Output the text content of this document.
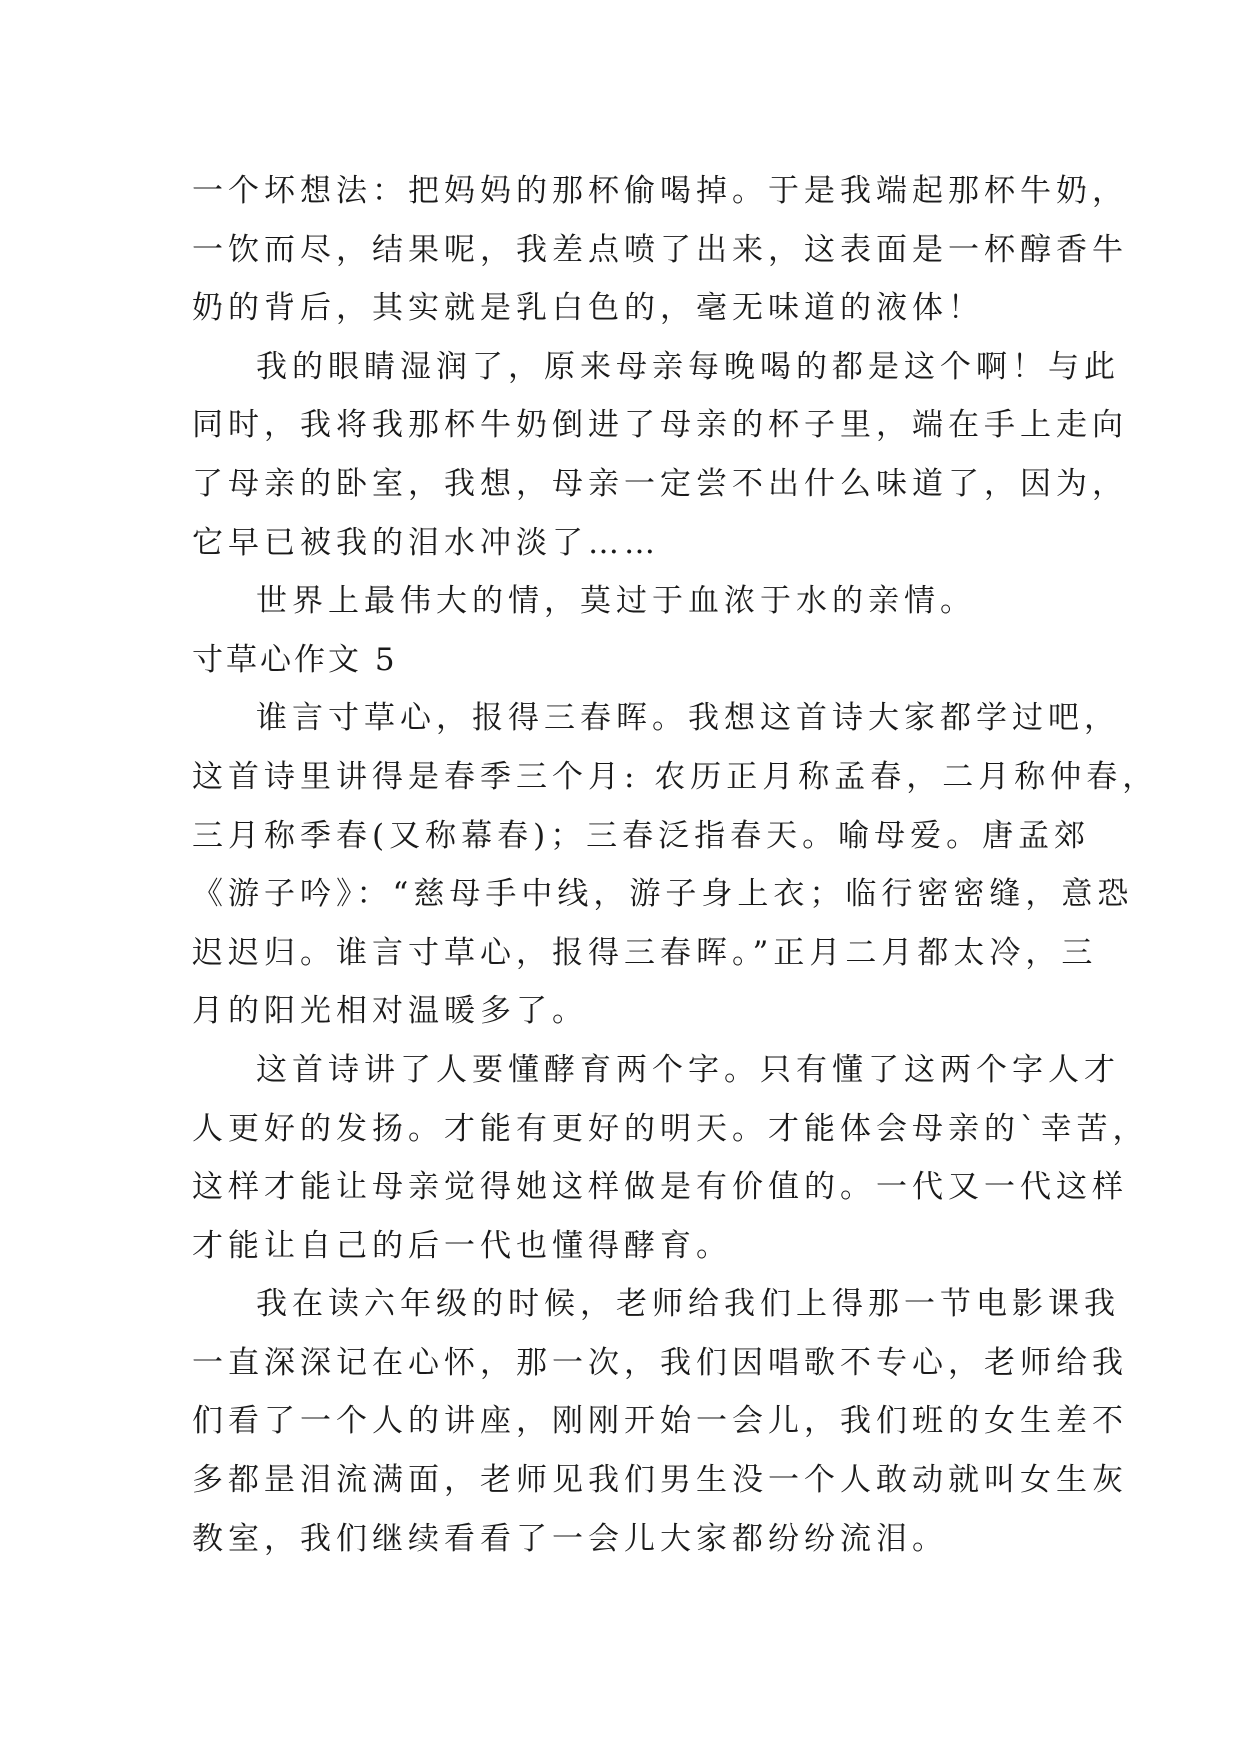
一个坏想法：把妈妈的那杯偷喝掉。于是我端起那杯牛奶，
一饮而尽，结果呢，我差点喷了出来，这表面是一杯醇香牛
奶的背后，其实就是乳白色的，毫无味道的液体！
我的眼睛湿润了，原来母亲每晚喝的都是这个啊！与此
同时，我将我那杯牛奶倒进了母亲的杯子里，端在手上走向
了母亲的卧室，我想，母亲一定尝不出什么味道了，因为，
它早已被我的泪水冲淡了……
世界上最伟大的情，莫过于血浓于水的亲情。
寸草心作文 5
谁言寸草心，报得三春晖。我想这首诗大家都学过吧，
这首诗里讲得是春季三个月: 农历正月称孟春，二月称仲春，
三月称季春(又称幕春)；三春泛指春天。喻母爱。唐孟郊
《游子吟》：“慈母手中线，游子身上衣；临行密密缝，意恐
迟迟归。谁言寸草心，报得三春晖。”正月二月都太冷，三
月的阳光相对温暖多了。
这首诗讲了人要懂酵育两个字。只有懂了这两个字人才
人更好的发扬。才能有更好的明天。才能体会母亲的`幸苦，
这样才能让母亲觉得她这样做是有价值的。一代又一代这样
才能让自己的后一代也懂得酵育。
我在读六年级的时候，老师给我们上得那一节电影课我
一直深深记在心怀，那一次，我们因唱歌不专心，老师给我
们看了一个人的讲座，刚刚开始一会儿，我们班的女生差不
多都昰泪流满面，老师见我们男生没一个人敢动就叫女生灰
教室，我们继续看看了一会儿大家都纷纷流泪。
